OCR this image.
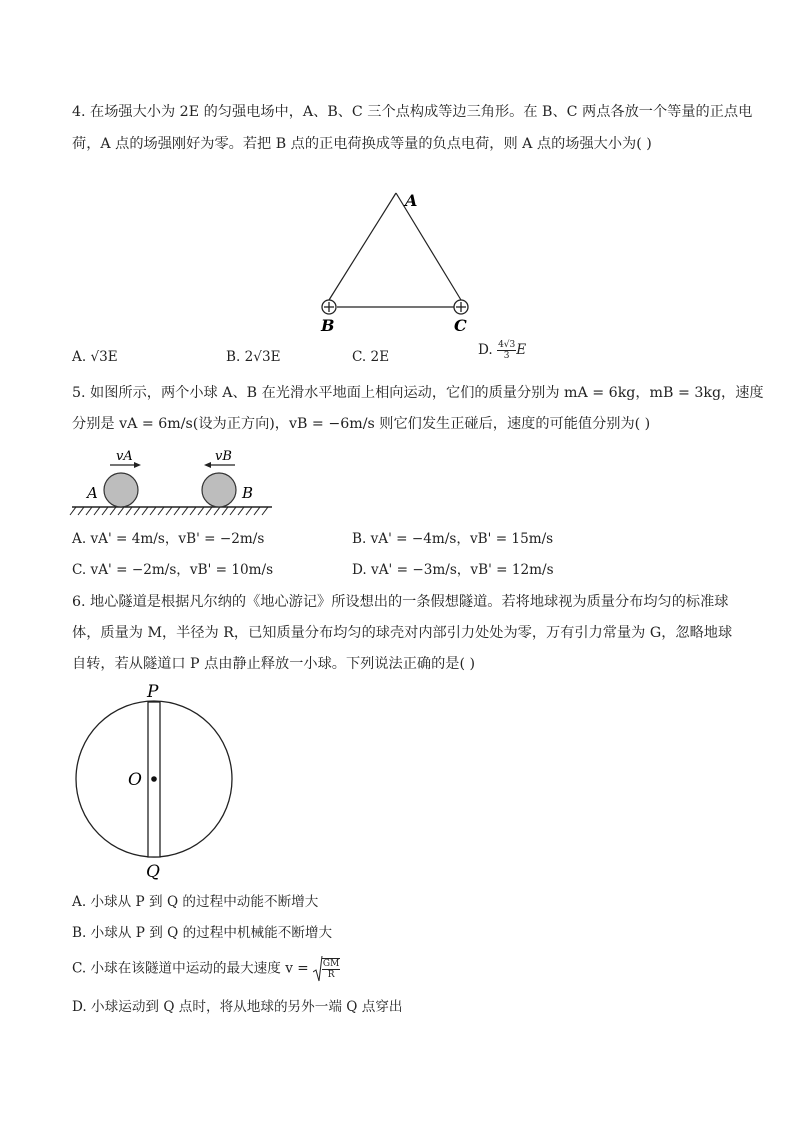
4. 在场强大小为 2E 的匀强电场中，A、B、C 三个点构成等边三角形。在 B、C 两点各放一个等量的正点电
荷，A 点的场强刚好为零。若把 B 点的正电荷换成等量的负点电荷，则 A 点的场强大小为( )
A
B	C
A. √3E	B. 2√3E	C. 2E	D. $\frac{4√3}{3}$ E
5. 如图所示，两个小球 A、B 在光滑水平地面上相向运动，它们的质量分别为 mA = 6kg，mB = 3kg，速度
分别是 vA = 6m/s(设为正方向)，vB = −6m/s 则它们发生正碰后，速度的可能值分别为( )
vA	vB
A	B
A. vA' = 4m/s，vB' = −2m/s	B. vA' = −4m/s，vB' = 15m/s
C. vA' = −2m/s，vB' = 10m/s	D. vA' = −3m/s，vB' = 12m/s
6. 地心隧道是根据凡尔纳的《地心游记》所设想出的一条假想隧道。若将地球视为质量分布均匀的标准球
体，质量为 M，半径为 R，已知质量分布均匀的球壳对内部引力处处为零，万有引力常量为 G，忽略地球
自转，若从隧道口 P 点由静止释放一小球。下列说法正确的是( )
P
O
Q
A. 小球从 P 到 Q 的过程中动能不断增大
B. 小球从 P 到 Q 的过程中机械能不断增大
C. 小球在该隧道中运动的最大速度 $v = \frac{GM}{R}$
D. 小球运动到 Q 点时，将从地球的另外一端 Q 点穿出
